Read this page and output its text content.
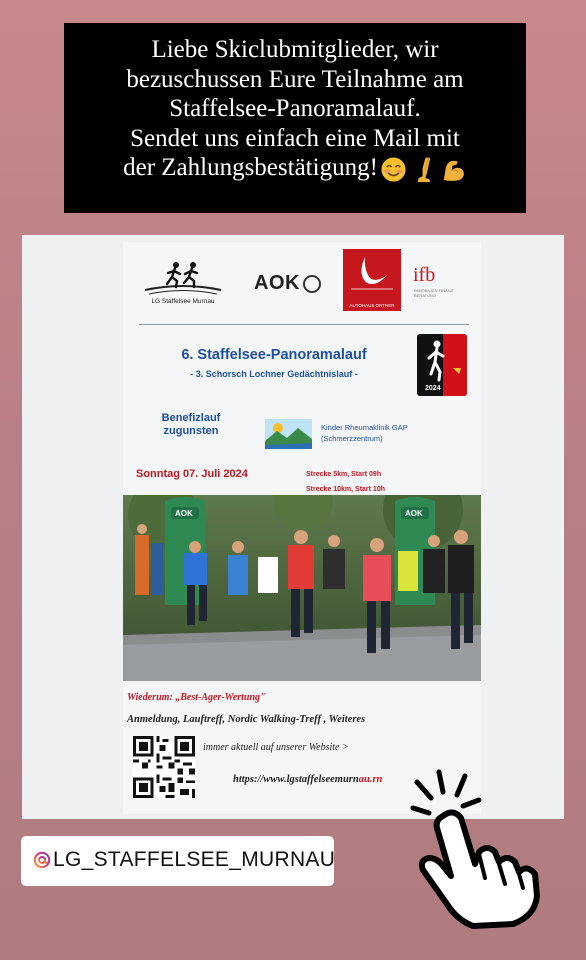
Liebe Skiclubmitglieder, wir
bezuschussen Eure Teilnahme am
Staffelsee-Panoramalauf.
Sendet uns einfach eine Mail mit
der Zahlungsbestätigung!
LG Staffelsee Murnau
AOK
AUTOHAUS ORTNER
ifb
IMMOBILIEN FINANZ BERATUNG
6. Staffelsee-Panoramalauf
- 3. Schorsch Lochner Gedächtnislauf -
2024
Benefizlauf zugunsten	Kinder Rheumaklinik GAP
(Schmerzzentrum)
Sonntag 07. Juli 2024	Strecke 5km, Start 09h
Strecke 10km, Start 10h
AOK	AOK
Wiederum: „Best-Ager-Wertung"
Anmeldung, Lauftreff, Nordic Walking-Treff , Weiteres
immer aktuell auf unserer Website >
https://www.lgstaffelseemurnau.rn
LG_STAFFELSEE_MURNAU
